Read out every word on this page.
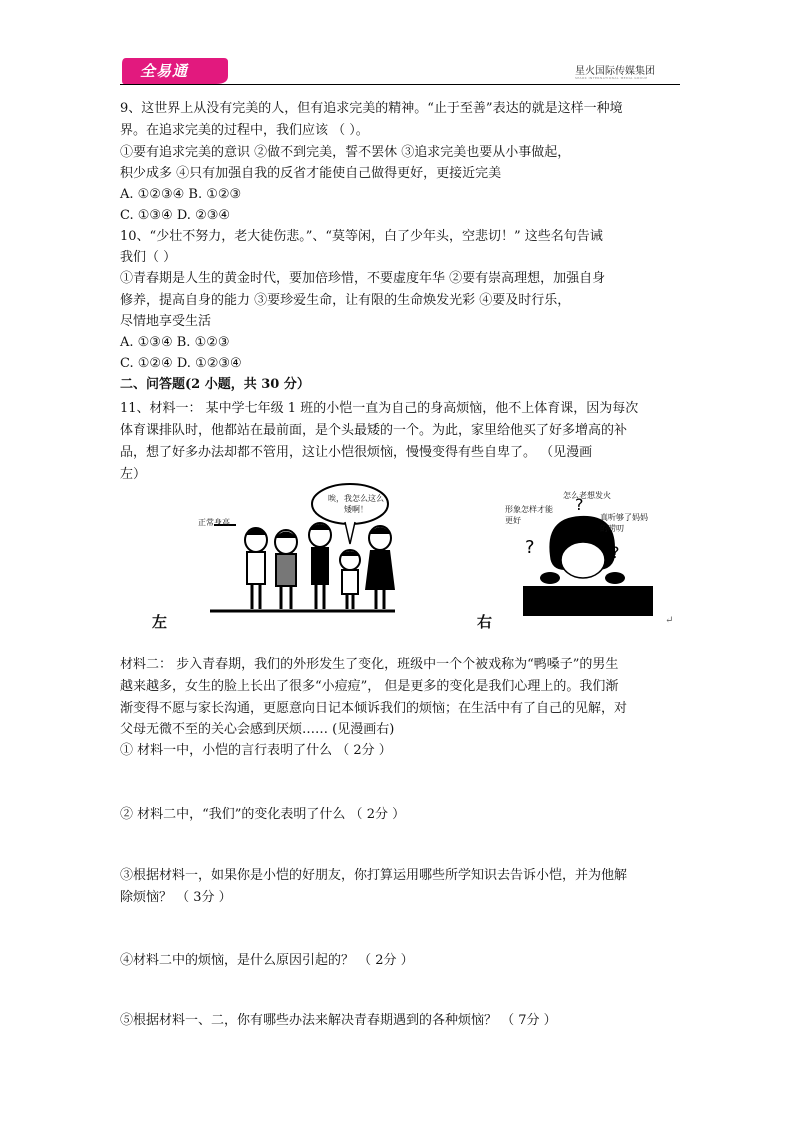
全易通	星火国际传媒集团
SPARK INTERNATIONAL MEDIA GROUP
9、这世界上从没有完美的人，但有追求完美的精神。“止于至善”表达的就是这样一种境
界。在追求完美的过程中，我们应该 （ ）。
①要有追求完美的意识 ②做不到完美，誓不罢休 ③追求完美也要从小事做起，
积少成多 ④只有加强自我的反省才能使自己做得更好，更接近完美
A. ①②③④ B. ①②③
C. ①③④ D. ②③④
10、“少壮不努力，老大徒伤悲。”、“莫等闲，白了少年头，空悲切！” 这些名句告诫
我们（ ）
①青春期是人生的黄金时代，要加倍珍惜，不要虚度年华 ②要有崇高理想，加强自身
修养，提高自身的能力 ③要珍爱生命，让有限的生命焕发光彩 ④要及时行乐，
尽情地享受生活
A. ①③④ B. ①②③
C. ①②④ D. ①②③④
二、问答题(2 小题，共 30 分）
11、材料一： 某中学七年级 1 班的小恺一直为自己的身高烦恼，他不上体育课，因为每次
体育课排队时，他都站在最前面，是个头最矮的一个。为此，家里给他买了好多增高的补
品，想了好多办法却都不管用，这让小恺很烦恼，慢慢变得有些自卑了。 （见漫画
左）
正常身高
唉，我怎么这么矮啊！
左
?
?
?
怎么老想发火
形象怎样才能更好	真听够了妈妈的唠叨
右	↵
材料二： 步入青春期，我们的外形发生了变化，班级中一个个被戏称为“鸭嗓子”的男生
越来越多，女生的脸上长出了很多“小痘痘”， 但是更多的变化是我们心理上的。我们渐
渐变得不愿与家长沟通，更愿意向日记本倾诉我们的烦恼；在生活中有了自己的见解，对
父母无微不至的关心会感到厌烦…… (见漫画右)
① 材料一中，小恺的言行表明了什么 （ 2分 ）
② 材料二中，“我们”的变化表明了什么 （ 2分 ）
③根据材料一，如果你是小恺的好朋友，你打算运用哪些所学知识去告诉小恺，并为他解
除烦恼？ （ 3分 ）
④材料二中的烦恼，是什么原因引起的？ （ 2分 ）
⑤根据材料一、二，你有哪些办法来解决青春期遇到的各种烦恼？ （ 7分 ）
